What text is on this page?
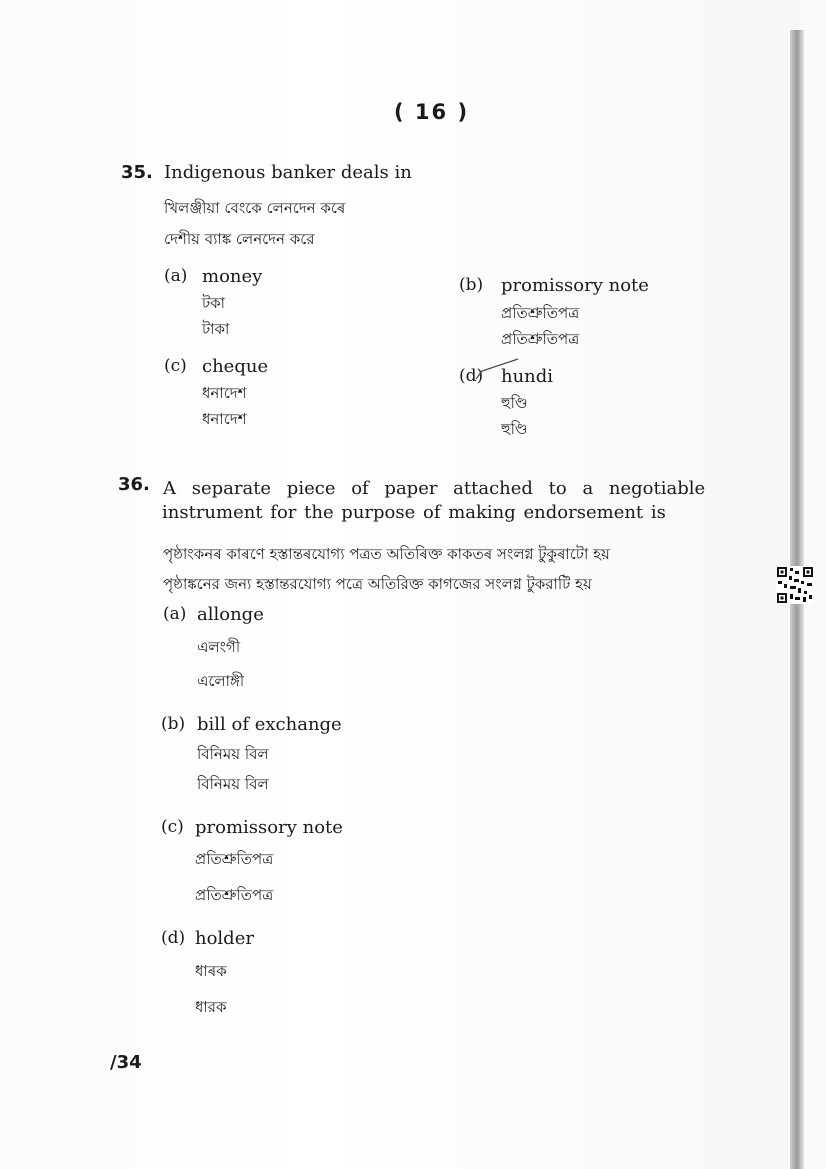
( 16 )
35. Indigenous banker deals in
খিলঞ্জীয়া বেংকে লেনদেন কৰে
দেশীয় ব্যাঙ্ক লেনদেন করে
(a) money
টকা
টাকা
(b) promissory note
প্ৰতিশ্ৰুতিপত্ৰ
প্রতিশ্রুতিপত্র
(c) cheque
ধনাদেশ
ধনাদেশ
(d) hundi
হুণ্ডি
হুণ্ডি
36. A separate piece of paper attached to a negotiable
instrument for the purpose of making endorsement is
পৃষ্ঠাংকনৰ কাৰণে হস্তান্তৰযোগ্য পত্ৰত অতিৰিক্ত কাকতৰ সংলগ্ন টুকুৰাটো হয়
পৃষ্ঠাঙ্কনের জন্য হস্তান্তরযোগ্য পত্রে অতিরিক্ত কাগজের সংলগ্ন টুকরাটি হয়
(a) allonge
এলংগী
এলোঙ্গী
(b) bill of exchange
বিনিময় বিল
বিনিময় বিল
(c) promissory note
প্ৰতিশ্ৰুতিপত্ৰ
প্রতিশ্রুতিপত্র
(d) holder
ধাৰক
ধারক
/34
